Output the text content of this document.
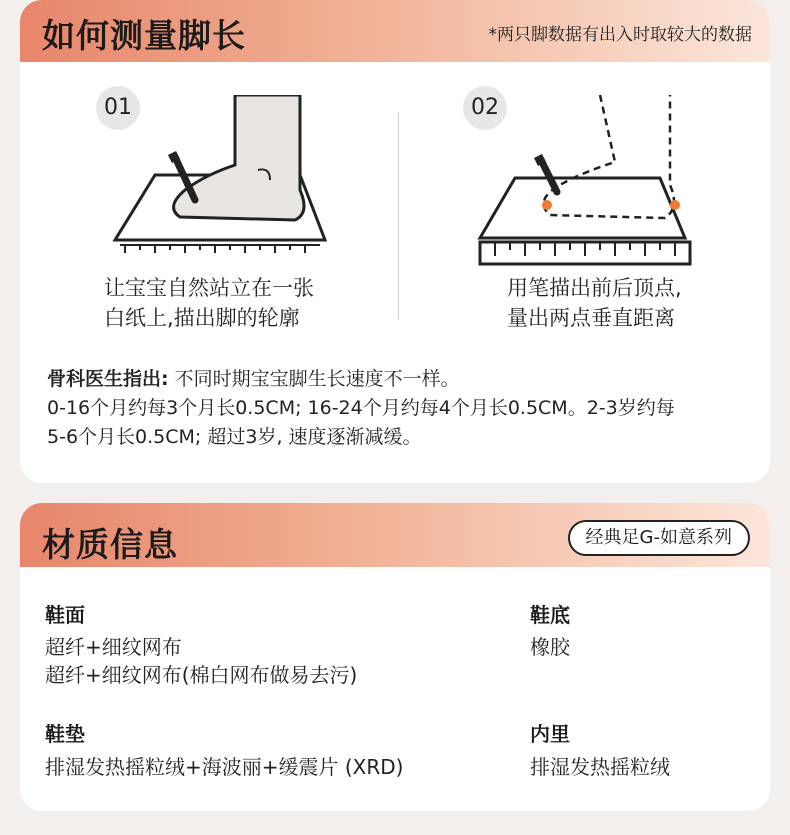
如何测量脚长	*两只脚数据有出入时取较大的数据
01
让宝宝自然站立在一张
白纸上,描出脚的轮廓
02
用笔描出前后顶点,
量出两点垂直距离
骨科医生指出: 不同时期宝宝脚生长速度不一样。
0-16个月约每3个月长0.5CM; 16-24个月约每4个月长0.5CM。2-3岁约每
5-6个月长0.5CM; 超过3岁, 速度逐渐减缓。
材质信息	经典足G-如意系列
鞋面
超纤+细纹网布
超纤+细纹网布(棉白网布做易去污)
鞋底
橡胶
鞋垫
排湿发热摇粒绒+海波丽+缓震片 (XRD)
内里
排湿发热摇粒绒
